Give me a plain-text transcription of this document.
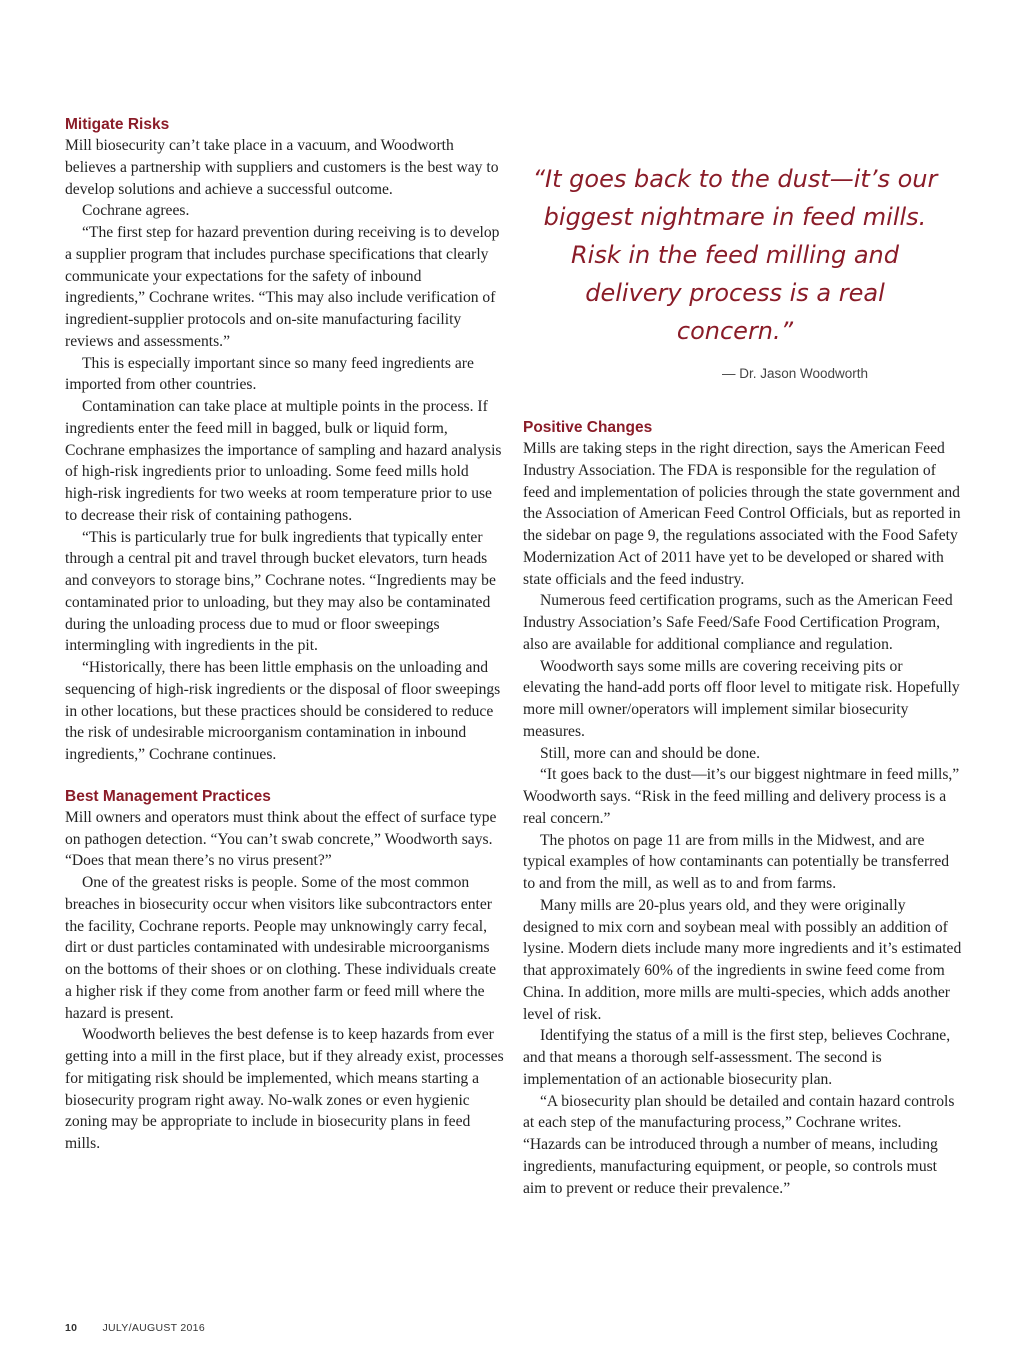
Mitigate Risks

Mill biosecurity can’t take place in a vacuum, and Woodworth believes a partnership with suppliers and customers is the best way to develop solutions and achieve a successful outcome.

Cochrane agrees.

“The first step for hazard prevention during receiving is to develop a supplier program that includes purchase specifications that clearly communicate your expectations for the safety of inbound ingredients,” Cochrane writes. “This may also include verification of ingredient-supplier protocols and on-site manufacturing facility reviews and assessments.”

This is especially important since so many feed ingredients are imported from other countries.

Contamination can take place at multiple points in the process. If ingredients enter the feed mill in bagged, bulk or liquid form, Cochrane emphasizes the importance of sampling and hazard analysis of high-risk ingredients prior to unloading. Some feed mills hold high-risk ingredients for two weeks at room temperature prior to use to decrease their risk of containing pathogens.

“This is particularly true for bulk ingredients that typically enter through a central pit and travel through bucket elevators, turn heads and conveyors to storage bins,” Cochrane notes. “Ingredients may be contaminated prior to unloading, but they may also be contaminated during the unloading process due to mud or floor sweepings intermingling with ingredients in the pit.

“Historically, there has been little emphasis on the unloading and sequencing of high-risk ingredients or the disposal of floor sweepings in other locations, but these practices should be considered to reduce the risk of undesirable microorganism contamination in inbound ingredients,” Cochrane continues.

Best Management Practices

Mill owners and operators must think about the effect of surface type on pathogen detection. “You can’t swab concrete,” Woodworth says. “Does that mean there’s no virus present?”

One of the greatest risks is people. Some of the most common breaches in biosecurity occur when visitors like subcontractors enter the facility, Cochrane reports. People may unknowingly carry fecal, dirt or dust particles contaminated with undesirable microorganisms on the bottoms of their shoes or on clothing. These individuals create a higher risk if they come from another farm or feed mill where the hazard is present.

Woodworth believes the best defense is to keep hazards from ever getting into a mill in the first place, but if they already exist, processes for mitigating risk should be implemented, which means starting a biosecurity program right away. No-walk zones or even hygienic zoning may be appropriate to include in biosecurity plans in feed mills.

“It goes back to the dust—it’s our biggest nightmare in feed mills. Risk in the feed milling and delivery process is a real concern.”

— Dr. Jason Woodworth

Positive Changes

Mills are taking steps in the right direction, says the American Feed Industry Association. The FDA is responsible for the regulation of feed and implementation of policies through the state government and the Association of American Feed Control Officials, but as reported in the sidebar on page 9, the regulations associated with the Food Safety Modernization Act of 2011 have yet to be developed or shared with state officials and the feed industry.

Numerous feed certification programs, such as the American Feed Industry Association’s Safe Feed/Safe Food Certification Program, also are available for additional compliance and regulation.

Woodworth says some mills are covering receiving pits or elevating the hand-add ports off floor level to mitigate risk. Hopefully more mill owner/operators will implement similar biosecurity measures.

Still, more can and should be done.

“It goes back to the dust—it’s our biggest nightmare in feed mills,” Woodworth says. “Risk in the feed milling and delivery process is a real concern.”

The photos on page 11 are from mills in the Midwest, and are typical examples of how contaminants can potentially be transferred to and from the mill, as well as to and from farms.

Many mills are 20-plus years old, and they were originally designed to mix corn and soybean meal with possibly an addition of lysine. Modern diets include many more ingredients and it’s estimated that approximately 60% of the ingredients in swine feed come from China. In addition, more mills are multi-species, which adds another level of risk.

Identifying the status of a mill is the first step, believes Cochrane, and that means a thorough self-assessment. The second is implementation of an actionable biosecurity plan.

“A biosecurity plan should be detailed and contain hazard controls at each step of the manufacturing process,” Cochrane writes. “Hazards can be introduced through a number of means, including ingredients, manufacturing equipment, or people, so controls must aim to prevent or reduce their prevalence.”

10 JULY/AUGUST 2016
